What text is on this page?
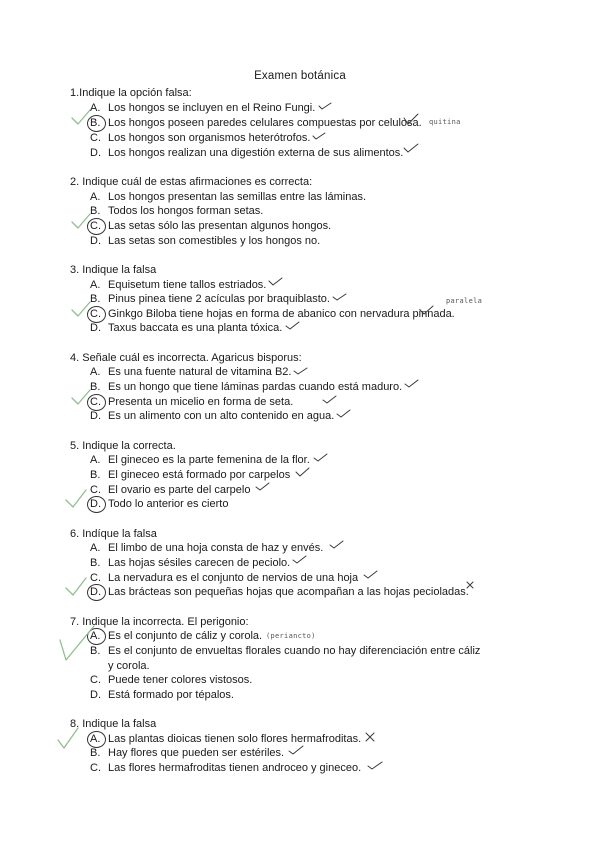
Examen botánica
1.Indique la opción falsa:
A. Los hongos se incluyen en el Reino Fungi.
B. Los hongos poseen paredes celulares compuestas por celulosa.
C. Los hongos son organismos heterótrofos.
D. Los hongos realizan una digestión externa de sus alimentos.
quitina
2. Indique cuál de estas afirmaciones es correcta:
A. Los hongos presentan las semillas entre las láminas.
B. Todos los hongos forman setas.
C. Las setas sólo las presentan algunos hongos.
D. Las setas son comestibles y los hongos no.
3. Indique la falsa
A. Equisetum tiene tallos estriados.
B. Pinus pinea tiene 2 acículas por braquiblasto.
C. Ginkgo Biloba tiene hojas en forma de abanico con nervadura pinnada.
D. Taxus baccata es una planta tóxica.
paralela
4. Señale cuál es incorrecta. Agaricus bisporus:
A. Es una fuente natural de vitamina B2.
B. Es un hongo que tiene láminas pardas cuando está maduro.
C. Presenta un micelio en forma de seta.
D. Es un alimento con un alto contenido en agua.
5. Indique la correcta.
A. El gineceo es la parte femenina de la flor.
B. El gineceo está formado por carpelos
C. El ovario es parte del carpelo
D. Todo lo anterior es cierto
6. Indíque la falsa
A. El limbo de una hoja consta de haz y envés.
B. Las hojas sésiles carecen de peciolo.
C. La nervadura es el conjunto de nervios de una hoja
D. Las brácteas son pequeñas hojas que acompañan a las hojas pecioladas.
7. Indique la incorrecta. El perigonio:
A. Es el conjunto de cáliz y corola. (periancto)
B. Es el conjunto de envueltas florales cuando no hay diferenciación entre cáliz y corola.
C. Puede tener colores vistosos.
D. Está formado por tépalos.
8. Indique la falsa
A. Las plantas dioicas tienen solo flores hermafroditas.
B. Hay flores que pueden ser estériles.
C. Las flores hermafroditas tienen androceo y gineceo.
